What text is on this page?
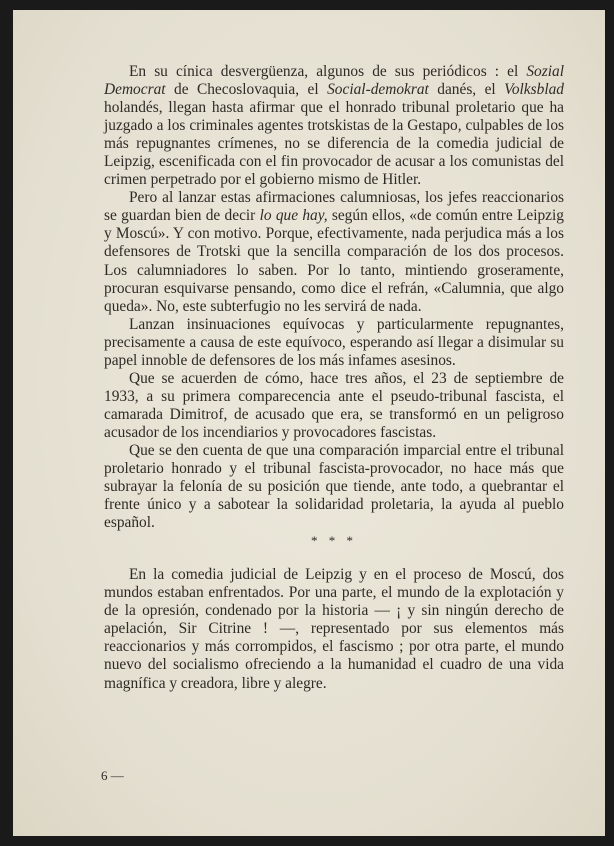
En su cínica desvergüenza, algunos de sus periódicos : el Sozial Democrat de Checoslovaquia, el Social-demokrat danés, el Volksblad holandés, llegan hasta afirmar que el honrado tribunal proletario que ha juzgado a los criminales agentes trotskistas de la Gestapo, culpables de los más repugnantes crímenes, no se diferencia de la comedia judicial de Leipzig, escenificada con el fin provocador de acusar a los comunistas del crimen perpetrado por el gobierno mismo de Hitler.

Pero al lanzar estas afirmaciones calumniosas, los jefes reaccionarios se guardan bien de decir lo que hay, según ellos, «de común entre Leipzig y Moscú». Y con motivo. Porque, efectivamente, nada perjudica más a los defensores de Trotski que la sencilla comparación de los dos procesos. Los calumniadores lo saben. Por lo tanto, mintiendo groseramente, procuran esquivarse pensando, como dice el refrán, «Calumnia, que algo queda». No, este subterfugio no les servirá de nada.

Lanzan insinuaciones equívocas y particularmente repugnantes, precisamente a causa de este equívoco, esperando así llegar a disimular su papel innoble de defensores de los más infames asesinos.

Que se acuerden de cómo, hace tres años, el 23 de septiembre de 1933, a su primera comparecencia ante el pseudo-tribunal fascista, el camarada Dimitrof, de acusado que era, se transformó en un peligroso acusador de los incendiarios y provocadores fascistas.

Que se den cuenta de que una comparación imparcial entre el tribunal proletario honrado y el tribunal fascista-provocador, no hace más que subrayar la felonía de su posición que tiende, ante todo, a quebrantar el frente único y a sabotear la solidaridad proletaria, la ayuda al pueblo español.

* * *

En la comedia judicial de Leipzig y en el proceso de Moscú, dos mundos estaban enfrentados. Por una parte, el mundo de la explotación y de la opresión, condenado por la historia — ¡ y sin ningún derecho de apelación, Sir Citrine ! —, representado por sus elementos más reaccionarios y más corrompidos, el fascismo ; por otra parte, el mundo nuevo del socialismo ofreciendo a la humanidad el cuadro de una vida magnífica y creadora, libre y alegre.

6 —
